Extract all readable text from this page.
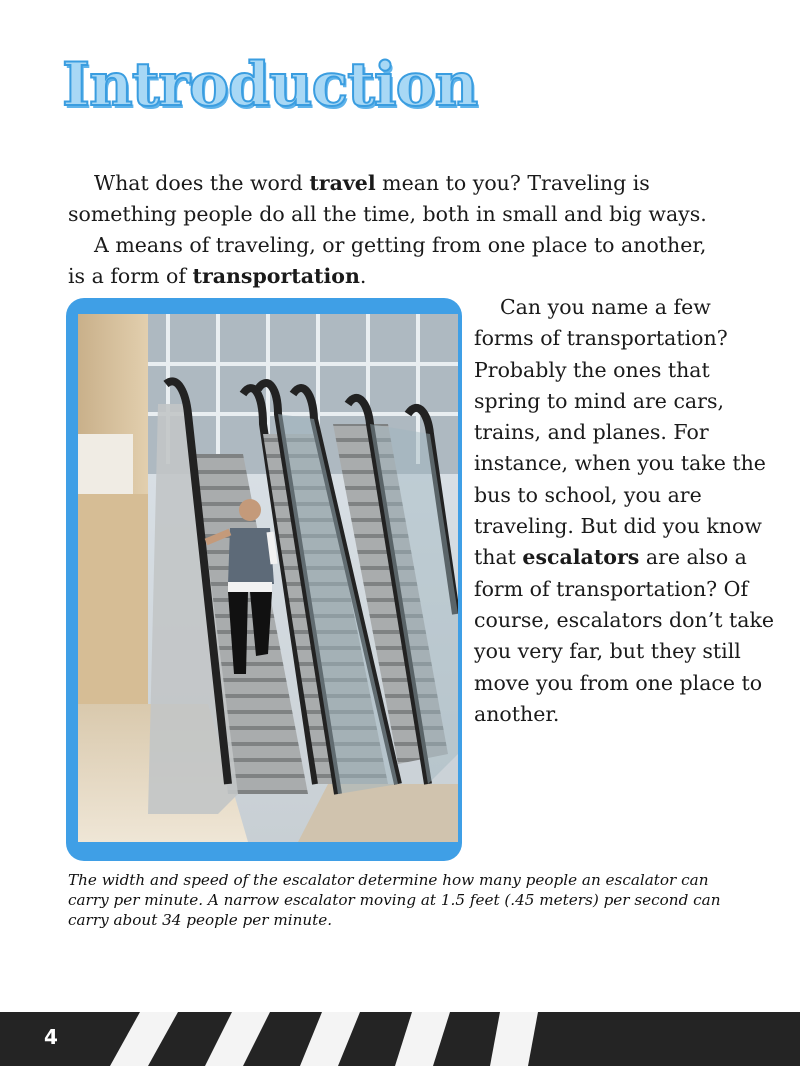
Introduction

What does the word travel mean to you? Traveling is something people do all the time, both in small and big ways.

A means of traveling, or getting from one place to another, is a form of transportation.

Can you name a few forms of transportation? Probably the ones that spring to mind are cars, trains, and planes. For instance, when you take the bus to school, you are traveling. But did you know that escalators are also a form of transportation? Of course, escalators don’t take you very far, but they still move you from one place to another.

The width and speed of the escalator determine how many people an escalator can carry per minute. A narrow escalator moving at 1.5 feet (.45 meters) per second can carry about 34 people per minute.

4
